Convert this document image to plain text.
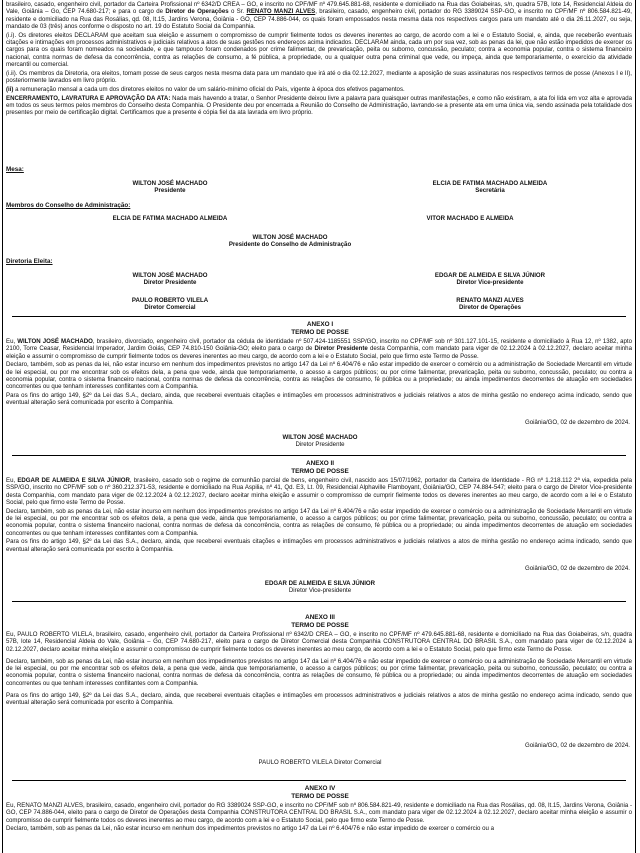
brasileiro, casado, engenheiro civil, portador da Carteira Profissional nº 6342/D CREA – GO, e inscrito no CPF/MF nº 479.645.881-68, residente e domiciliado na Rua das Goiabeiras, s/n, quadra 57B, lote 14, Residencial Aldeia do Vale, Goiânia – Go, CEP 74.680-217; e para o cargo de Diretor de Operações o Sr. RENATO MANZI ALVES, brasileiro, casado, engenheiro civil, portador do RG 3389024 SSP-GO, e inscrito no CPF/MF nº 806.584.821-49, residente e domiciliado na Rua das Rosálias, qd. 08, lt.15, Jardins Verona, Goiânia - GO, CEP 74.886-044, os quais foram empossados nesta mesma data nos respectivos cargos para um mandato até o dia 26.11.2027, ou seja, mandato de 03 (três) anos conforme o disposto no art. 19 do Estatuto Social da Companhia.

(i.i). Os diretores eleitos DECLARAM que aceitam sua eleição e assumem o compromisso de cumprir fielmente todos os deveres inerentes ao cargo, de acordo com a lei e o Estatuto Social, e, ainda, que receberão eventuais citações e intimações em processos administrativos e judiciais relativos a atos de suas gestões nos endereços acima indicados. DECLARAM ainda, cada um por sua vez, sob as penas da lei, que não estão impedidos de exercer os cargos para os quais foram nomeados na sociedade, e que tampouco foram condenados por crime falimentar, de prevaricação, peita ou suborno, concussão, peculato; contra a economia popular, contra o sistema financeiro nacional, contra normas de defesa da concorrência, contra as relações de consumo, a fé pública, a propriedade, ou a qualquer outra pena criminal que vede, ou impeça, ainda que temporariamente, o exercício da atividade mercantil ou comercial.

(i.ii). Os membros da Diretoria, ora eleitos, tomam posse de seus cargos nesta mesma data para um mandato que irá até o dia 02.12.2027, mediante a aposição de suas assinaturas nos respectivos termos de posse (Anexos I e II), posteriormente lavrados em livro próprio.

(ii) a remuneração mensal a cada um dos diretores eleitos no valor de um salário-mínimo oficial do País, vigente à época dos efetivos pagamentos.

ENCERRAMENTO, LAVRATURA E APROVAÇÃO DA ATA: Nada mais havendo a tratar, o Senhor Presidente deixou livre a palavra para quaisquer outras manifestações, e como não existiram, a ata foi lida em voz alta e aprovada em todos os seus termos pelos membros do Conselho desta Companhia. O Presidente deu por encerrada a Reunião do Conselho de Administração, lavrando-se a presente ata em uma única via, sendo assinada pela totalidade dos presentes por meio de certificação digital. Certificamos que a presente é cópia fiel da ata lavrada em livro próprio.

Mesa:
WILTON JOSÉ MACHADO
Presidente
ELCIA DE FATIMA MACHADO ALMEIDA
Secretária
Membros do Conselho de Administração:
ELCIA DE FATIMA MACHADO ALMEIDA	VITOR MACHADO E ALMEIDA
WILTON JOSÉ MACHADO
Presidente do Conselho de Administração
Diretoria Eleita:
WILTON JOSÉ MACHADO
Diretor Presidente
EDGAR DE ALMEIDA E SILVA JÚNIOR
Diretor Vice-presidente
PAULO ROBERTO VILELA
Diretor Comercial
RENATO MANZI ALVES
Diretor de Operações
ANEXO I
TERMO DE POSSE

Eu, WILTON JOSÉ MACHADO, brasileiro, divorciado, engenheiro civil, portador da cédula de identidade nº 507.424-1185551 SSP/GO, inscrito no CPF/MF sob nº 301.127.101-15, residente e domiciliado à Rua 12, nº 1382, apto 2100, Torre Ceasar, Residencial Imperador, Jardim Goiás, CEP 74.810-150 Goiânia-GO; eleito para o cargo de Diretor Presidente desta Companhia, com mandato para viger de 02.12.2024 à 02.12.2027, declaro aceitar minha eleição e assumir o compromisso de cumprir fielmente todos os deveres inerentes ao meu cargo, de acordo com a lei e o Estatuto Social, pelo que firmo este Termo de Posse.

Declaro, também, sob as penas da lei, não estar incurso em nenhum dos impedimentos previstos no artigo 147 da Lei nº 6.404/76 e não estar impedido de exercer o comércio ou a administração de Sociedade Mercantil em virtude de lei especial, ou por me encontrar sob os efeitos dela, a pena que vede, ainda que temporariamente, o acesso a cargos públicos; ou por crime falimentar, prevaricação, peita ou suborno, concussão, peculato; ou contra a economia popular, contra o sistema financeiro nacional, contra normas de defesa da concorrência, contra as relações de consumo, fé pública ou a propriedade; ou ainda impedimentos decorrentes de atuação em sociedades concorrentes ou que tenham interesses conflitantes com a Companhia.

Para os fins do artigo 149, §2º da Lei das S.A., declaro, ainda, que receberei eventuais citações e intimações em processos administrativos e judiciais relativos a atos de minha gestão no endereço acima indicado, sendo que eventual alteração será comunicada por escrito à Companhia.

Goiânia/GO, 02 de dezembro de 2024.
WILTON JOSÉ MACHADO
Diretor Presidente
ANEXO II
TERMO DE POSSE

Eu, EDGAR DE ALMEIDA E SILVA JÚNIOR, brasileiro, casado sob o regime de comunhão parcial de bens, engenheiro civil, nascido aos 15/07/1962, portador da Carteira de Identidade - RG nº 1.218.112 2ª via, expedida pela SSP/GO, inscrito no CPF/MF sob o nº 360.212.371-53, residente e domiciliado na Rua Aspilia, nº 41, Qd. E3, Lt. 09, Residencial Alphaville Flamboyant, Goiânia/GO, CEP 74.884-547; eleito para o cargo de Diretor Vice-presidente desta Companhia, com mandato para viger de 02.12.2024 à 02.12.2027, declaro aceitar minha eleição e assumir o compromisso de cumprir fielmente todos os deveres inerentes ao meu cargo, de acordo com a lei e o Estatuto Social, pelo que firmo este Termo de Posse.

Declaro, também, sob as penas da Lei, não estar incurso em nenhum dos impedimentos previstos no artigo 147 da Lei nº 6.404/76 e não estar impedido de exercer o comércio ou a administração de Sociedade Mercantil em virtude de lei especial, ou por me encontrar sob os efeitos dela, a pena que vede, ainda que temporariamente, o acesso a cargos públicos; ou por crime falimentar, prevaricação, peita ou suborno, concussão, peculato; ou contra a economia popular, contra o sistema financeiro nacional, contra normas de defesa da concorrência, contra as relações de consumo, fé pública ou a propriedade; ou ainda impedimentos decorrentes de atuação em sociedades concorrentes ou que tenham interesses conflitantes com a Companhia.

Para os fins do artigo 149, §2º da Lei das S.A., declaro, ainda, que receberei eventuais citações e intimações em processos administrativos e judiciais relativos a atos de minha gestão no endereço acima indicado, sendo que eventual alteração será comunicada por escrito à Companhia.

Goiânia/GO, 02 de dezembro de 2024.
EDGAR DE ALMEIDA E SILVA JÚNIOR
Diretor Vice-presidente
ANEXO III
TERMO DE POSSE

Eu, PAULO ROBERTO VILELA, brasileiro, casado, engenheiro civil, portador da Carteira Profissional nº 6342/D CREA – GO, e inscrito no CPF/MF nº 479.645.881-68, residente e domiciliado na Rua das Goiabeiras, s/n, quadra 57B, lote 14, Residencial Aldeia do Vale, Goiânia – Go, CEP 74.680-217, eleito para o cargo de Diretor Comercial desta Companhia CONSTRUTORA CENTRAL DO BRASIL S.A., com mandato para viger de 02.12.2024 à 02.12.2027, declaro aceitar minha eleição e assumir o compromisso de cumprir fielmente todos os deveres inerentes ao meu cargo, de acordo com a lei e o Estatuto Social, pelo que firmo este Termo de Posse.

Declaro, também, sob as penas da Lei, não estar incurso em nenhum dos impedimentos previstos no artigo 147 da Lei nº 6.404/76 e não estar impedido de exercer o comércio ou a administração de Sociedade Mercantil em virtude de lei especial, ou por me encontrar sob os efeitos dela, a pena que vede, ainda que temporariamente, o acesso a cargos públicos; ou por crime falimentar, prevaricação, peita ou suborno, concussão, peculato; ou contra a economia popular, contra o sistema financeiro nacional, contra normas de defesa da concorrência, contra as relações de consumo, fé pública ou a propriedade; ou ainda impedimentos decorrentes de atuação em sociedades concorrentes ou que tenham interesses conflitantes com a Companhia.

Para os fins do artigo 149, §2º da Lei das S.A., declaro, ainda, que receberei eventuais citações e intimações em processos administrativos e judiciais relativos a atos de minha gestão no endereço acima indicado, sendo que eventual alteração será comunicada por escrito à Companhia.

Goiânia/GO, 02 de dezembro de 2024.
PAULO ROBERTO VILELA Diretor Comercial
ANEXO IV
TERMO DE POSSE

Eu, RENATO MANZI ALVES, brasileiro, casado, engenheiro civil, portador do RG 3389024 SSP-GO, e inscrito no CPF/MF sob nº 806.584.821-49, residente e domiciliado na Rua das Rosálias, qd. 08, lt.15, Jardins Verona, Goiânia - GO, CEP 74.886-044, eleito para o cargo de Diretor de Operações desta Companhia CONSTRUTORA CENTRAL DO BRASIL S.A., com mandato para viger de 02.12.2024 à 02.12.2027, declaro aceitar minha eleição e assumir o compromisso de cumprir fielmente todos os deveres inerentes ao meu cargo, de acordo com a lei e o Estatuto Social, pelo que firmo este Termo de Posse.

Declaro, também, sob as penas da Lei, não estar incurso em nenhum dos impedimentos previstos no artigo 147 da Lei nº 6.404/76 e não estar impedido de exercer o comércio ou a
